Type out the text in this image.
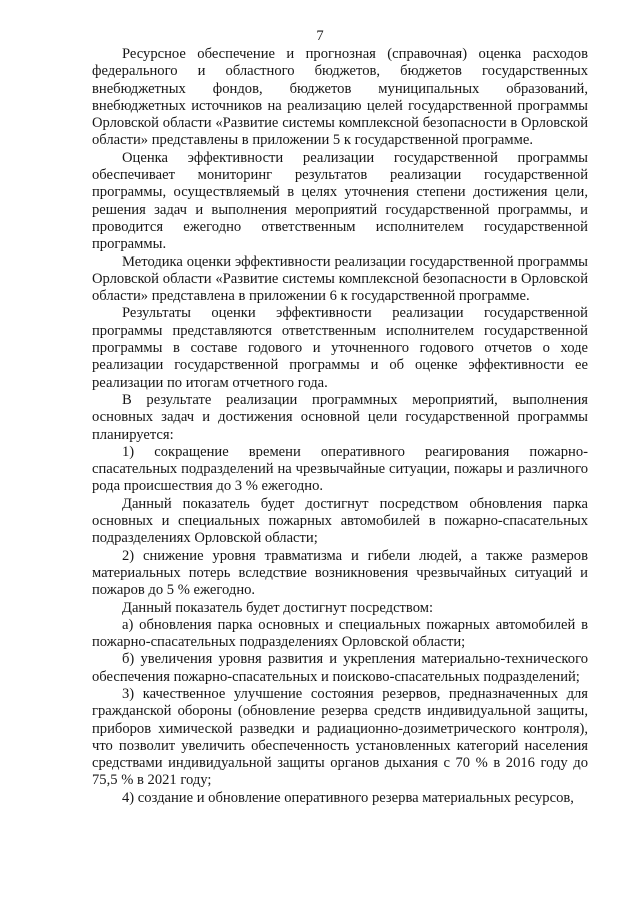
7

Ресурсное обеспечение и прогнозная (справочная) оценка расходов федерального и областного бюджетов, бюджетов государственных внебюджетных фондов, бюджетов муниципальных образований, внебюджетных источников на реализацию целей государственной программы Орловской области «Развитие системы комплексной безопасности в Орловской области» представлены в приложении 5 к государственной программе.

Оценка эффективности реализации государственной программы обеспечивает мониторинг результатов реализации государственной программы, осуществляемый в целях уточнения степени достижения цели, решения задач и выполнения мероприятий государственной программы, и проводится ежегодно ответственным исполнителем государственной программы.

Методика оценки эффективности реализации государственной программы Орловской области «Развитие системы комплексной безопасности в Орловской области» представлена в приложении 6 к государственной программе.

Результаты оценки эффективности реализации государственной программы представляются ответственным исполнителем государственной программы в составе годового и уточненного годового отчетов о ходе реализации государственной программы и об оценке эффективности ее реализации по итогам отчетного года.

В результате реализации программных мероприятий, выполнения основных задач и достижения основной цели государственной программы планируется:

1) сокращение времени оперативного реагирования пожарно-спасательных подразделений на чрезвычайные ситуации, пожары и различного рода происшествия до 3 % ежегодно.

Данный показатель будет достигнут посредством обновления парка основных и специальных пожарных автомобилей в пожарно-спасательных подразделениях Орловской области;

2) снижение уровня травматизма и гибели людей, а также размеров материальных потерь вследствие возникновения чрезвычайных ситуаций и пожаров до 5 % ежегодно.

Данный показатель будет достигнут посредством:

а) обновления парка основных и специальных пожарных автомобилей в пожарно-спасательных подразделениях Орловской области;

б) увеличения уровня развития и укрепления материально-технического обеспечения пожарно-спасательных и поисково-спасательных подразделений;

3) качественное улучшение состояния резервов, предназначенных для гражданской обороны (обновление резерва средств индивидуальной защиты, приборов химической разведки и радиационно-дозиметрического контроля), что позволит увеличить обеспеченность установленных категорий населения средствами индивидуальной защиты органов дыхания с 70 % в 2016 году до 75,5 % в 2021 году;

4) создание и обновление оперативного резерва материальных ресурсов,
